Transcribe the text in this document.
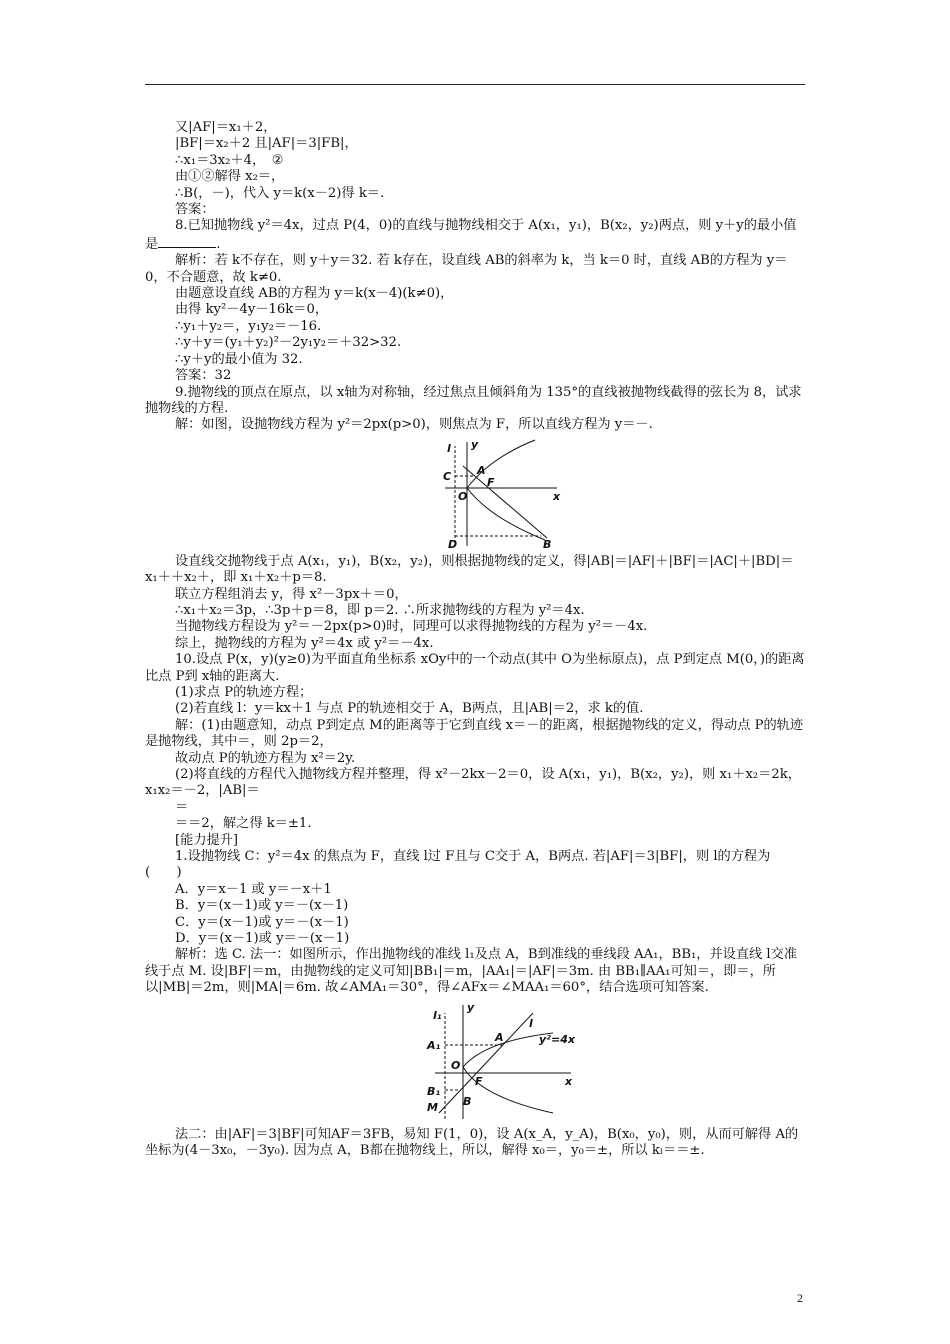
又|AF|＝x₁＋2，

|BF|＝x₂＋2 且|AF|＝3|FB|，

∴x₁＝3x₂＋4，　②

由①②解得 x₂＝，

∴B(，－)，代入 y＝k(x－2)得 k＝.

答案：

8.已知抛物线 y²＝4x，过点 P(4，0)的直线与抛物线相交于 A(x₁，y₁)，B(x₂，y₂)两点，则 y＋y的最小值是	.

解析：若 k不存在，则 y＋y＝32. 若 k存在，设直线 AB的斜率为 k，当 k＝0 时，直线 AB的方程为 y＝0，不合题意，故 k≠0.

由题意设直线 AB的方程为 y＝k(x－4)(k≠0)，

由得 ky²－4y－16k＝0，

∴y₁＋y₂＝，y₁y₂＝－16.

∴y＋y＝(y₁＋y₂)²－2y₁y₂＝＋32>32.

∴y＋y的最小值为 32.

答案：32

9.抛物线的顶点在原点，以 x轴为对称轴，经过焦点且倾斜角为 135°的直线被抛物线截得的弦长为 8，试求抛物线的方程.

解：如图，设抛物线方程为 y²＝2px(p>0)，则焦点为 F，所以直线方程为 y＝－.

l y
C A
F
O	x
D	B

设直线交抛物线于点 A(x₁，y₁)，B(x₂，y₂)，则根据抛物线的定义，得|AB|＝|AF|＋|BF|＝|AC|＋|BD|＝x₁＋＋x₂＋，即 x₁＋x₂＋p＝8.

联立方程组消去 y，得 x²－3px＋＝0，

∴x₁＋x₂＝3p，∴3p＋p＝8，即 p＝2. ∴所求抛物线的方程为 y²＝4x.

当抛物线方程设为 y²＝－2px(p>0)时，同理可以求得抛物线的方程为 y²＝－4x.

综上，抛物线的方程为 y²＝4x 或 y²＝－4x.

10.设点 P(x，y)(y≥0)为平面直角坐标系 xOy中的一个动点(其中 O为坐标原点)，点 P到定点 M(0，)的距离比点 P到 x轴的距离大.

(1)求点 P的轨迹方程；

(2)若直线 l：y＝kx＋1 与点 P的轨迹相交于 A，B两点，且|AB|＝2，求 k的值.

解：(1)由题意知，动点 P到定点 M的距离等于它到直线 x＝－的距离，根据抛物线的定义，得动点 P的轨迹是抛物线，其中＝，则 2p＝2，

故动点 P的轨迹方程为 x²＝2y.

(2)将直线的方程代入抛物线方程并整理，得 x²－2kx－2＝0，设 A(x₁，y₁)，B(x₂，y₂)，则 x₁＋x₂＝2k，x₁x₂＝－2，|AB|＝

＝

＝＝2，解之得 k＝±1.

[能力提升]

1.设抛物线 C：y²＝4x 的焦点为 F，直线 l过 F且与 C交于 A，B两点. 若|AF|＝3|BF|，则 l的方程为(　　)

A．y＝x－1 或 y＝－x＋1

B．y＝(x－1)或 y＝－(x－1)

C．y＝(x－1)或 y＝－(x－1)

D．y＝(x－1)或 y＝－(x－1)

解析：选 C. 法一：如图所示，作出抛物线的准线 l₁及点 A，B到准线的垂线段 AA₁，BB₁，并设直线 l交准线于点 M. 设|BF|＝m，由抛物线的定义可知|BB₁|＝m，|AA₁|＝|AF|＝3m. 由 BB₁∥AA₁可知＝，即＝，所以|MB|＝2m，则|MA|＝6m. 故∠AMA₁＝30°，得∠AFx＝∠MAA₁＝60°，结合选项可知答案.

l₁
y
l
A₁
A	y²=4x
O
B₁
F	x
M B

法二：由|AF|＝3|BF|可知AF＝3FB，易知 F(1，0)，设 A(x_A，y_A)，B(x₀，y₀)，则，从而可解得 A的坐标为(4－3x₀，－3y₀). 因为点 A，B都在抛物线上，所以，解得 x₀＝，y₀＝±，所以 kₗ＝＝±.

2
